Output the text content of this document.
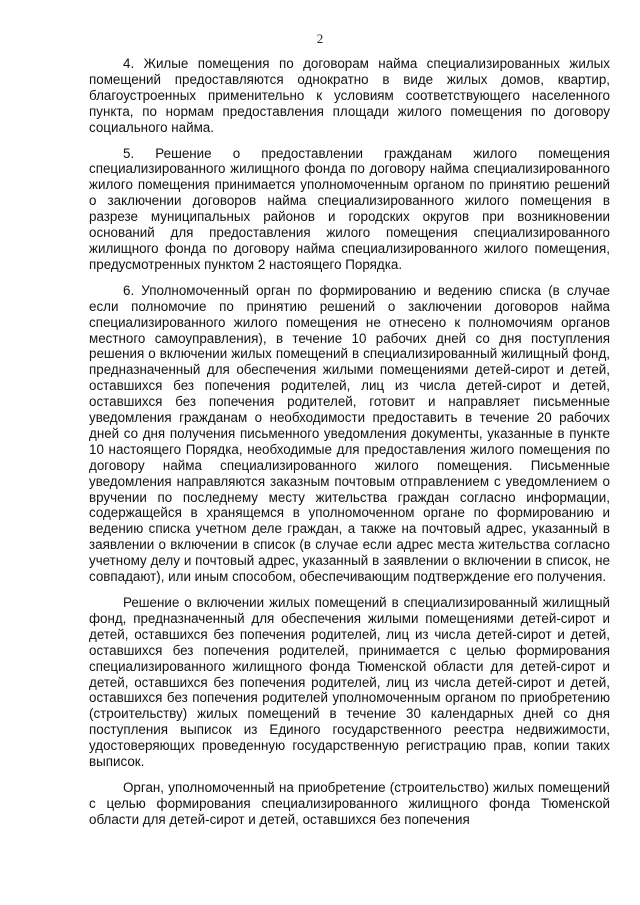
2

4. Жилые помещения по договорам найма специализированных жилых помещений предоставляются однократно в виде жилых домов, квартир, благоустроенных применительно к условиям соответствующего населенного пункта, по нормам предоставления площади жилого помещения по договору социального найма.

5. Решение о предоставлении гражданам жилого помещения специализированного жилищного фонда по договору найма специализированного жилого помещения принимается уполномоченным органом по принятию решений о заключении договоров найма специализированного жилого помещения в разрезе муниципальных районов и городских округов при возникновении оснований для предоставления жилого помещения специализированного жилищного фонда по договору найма специализированного жилого помещения, предусмотренных пунктом 2 настоящего Порядка.

6. Уполномоченный орган по формированию и ведению списка (в случае если полномочие по принятию решений о заключении договоров найма специализированного жилого помещения не отнесено к полномочиям органов местного самоуправления), в течение 10 рабочих дней со дня поступления решения о включении жилых помещений в специализированный жилищный фонд, предназначенный для обеспечения жилыми помещениями детей-сирот и детей, оставшихся без попечения родителей, лиц из числа детей-сирот и детей, оставшихся без попечения родителей, готовит и направляет письменные уведомления гражданам о необходимости предоставить в течение 20 рабочих дней со дня получения письменного уведомления документы, указанные в пункте 10 настоящего Порядка, необходимые для предоставления жилого помещения по договору найма специализированного жилого помещения. Письменные уведомления направляются заказным почтовым отправлением с уведомлением о вручении по последнему месту жительства граждан согласно информации, содержащейся в хранящемся в уполномоченном органе по формированию и ведению списка учетном деле граждан, а также на почтовый адрес, указанный в заявлении о включении в список (в случае если адрес места жительства согласно учетному делу и почтовый адрес, указанный в заявлении о включении в список, не совпадают), или иным способом, обеспечивающим подтверждение его получения.

Решение о включении жилых помещений в специализированный жилищный фонд, предназначенный для обеспечения жилыми помещениями детей-сирот и детей, оставшихся без попечения родителей, лиц из числа детей-сирот и детей, оставшихся без попечения родителей, принимается с целью формирования специализированного жилищного фонда Тюменской области для детей-сирот и детей, оставшихся без попечения родителей, лиц из числа детей-сирот и детей, оставшихся без попечения родителей уполномоченным органом по приобретению (строительству) жилых помещений в течение 30 календарных дней со дня поступления выписок из Единого государственного реестра недвижимости, удостоверяющих проведенную государственную регистрацию прав, копии таких выписок.

Орган, уполномоченный на приобретение (строительство) жилых помещений с целью формирования специализированного жилищного фонда Тюменской области для детей-сирот и детей, оставшихся без попечения
